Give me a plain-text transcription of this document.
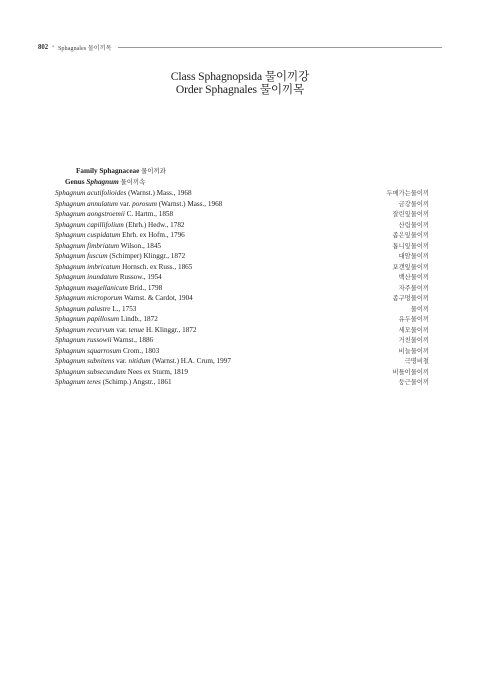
802 • Sphagnales 물이끼목
Class Sphagnopsida 물이끼강
Order Sphagnales 물이끼목
Family Sphagnaceae 물이끼과
Genus Sphagnum 물이끼속
Sphagnum acutifolioides (Warnst.) Mass., 1968	두메가는물이끼
Sphagnum annulatum var. porosum (Warnst.) Mass., 1968	금강물이끼
Sphagnum aongstroemii C. Hartm., 1858	잘린잎물이끼
Sphagnum capillifolium (Ehrh.) Hedw., 1782	산림물이끼
Sphagnum cuspidatum Ehrh. ex Hofm., 1796	좁은잎물이끼
Sphagnum fimbriatum Wilson., 1845	톱니잎물이끼
Sphagnum fuscum (Schimper) Klinggr., 1872	대암물이끼
Sphagnum imbricatum Hornsch. ex Russ., 1865	포갠잎물이끼
Sphagnum inundatum Russow., 1954	백산물이끼
Sphagnum magellanicum Brid., 1798	자주물이끼
Sphagnum microporum Warnst. & Cardot, 1904	좀구멍물이끼
Sphagnum palustre L., 1753	물이끼
Sphagnum papillosum Lindb., 1872	유두물이끼
Sphagnum recurvum var. tenue H. Klinggr., 1872	세모물이끼
Sphagnum russowii Warnst., 1886	거친물이끼
Sphagnum squarrosum Crom., 1803	비늘물이끼
Sphagnum subnitens var. nitidum (Warnst.) H.A. Crum, 1997	극명비철
Sphagnum subsecundum Nees ex Sturm, 1819	비틀이물이끼
Sphagnum teres (Schimp.) Angstr., 1861	둥근물이끼
